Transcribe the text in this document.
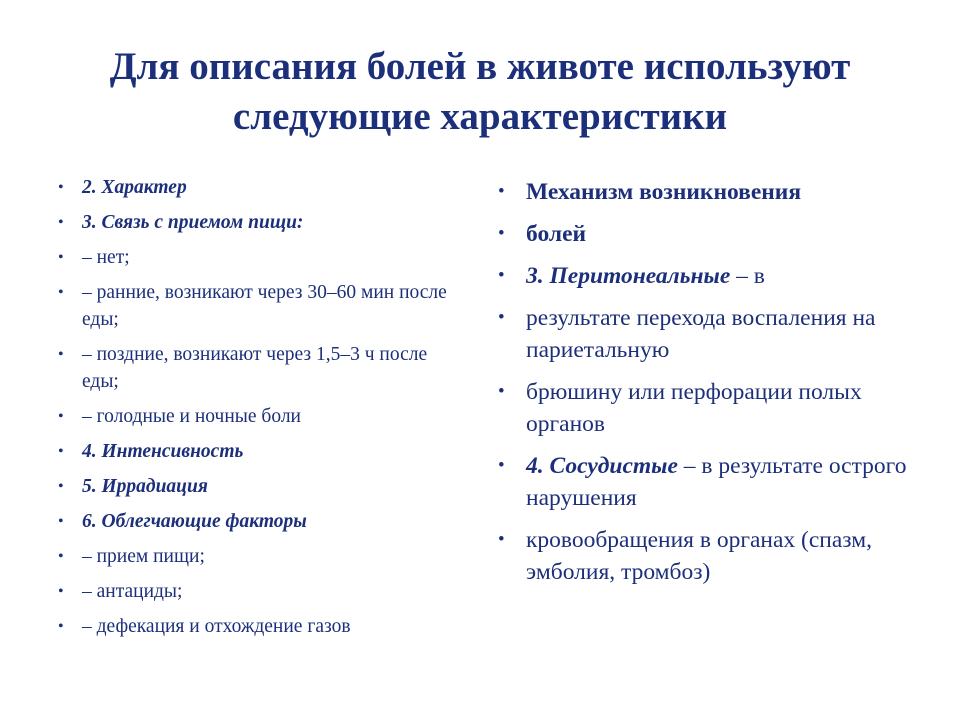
Для описания болей в животе используют
следующие характеристики
• 2. Характер
• 3. Связь с приемом пищи:
• – нет;
• – ранние, возникают через 30–60 мин после еды;
• – поздние, возникают через 1,5–3 ч после еды;
• – голодные и ночные боли
• 4. Интенсивность
• 5. Иррадиация
• 6. Облегчающие факторы
• – прием пищи;
• – антациды;
• – дефекация и отхождение газов
• Механизм возникновения
• болей
• 3. Перитонеальные – в
• результате перехода воспаления на париетальную
• брюшину или перфорации полых органов
• 4. Сосудистые – в результате острого нарушения
• кровообращения в органах (спазм, эмболия, тромбоз)
